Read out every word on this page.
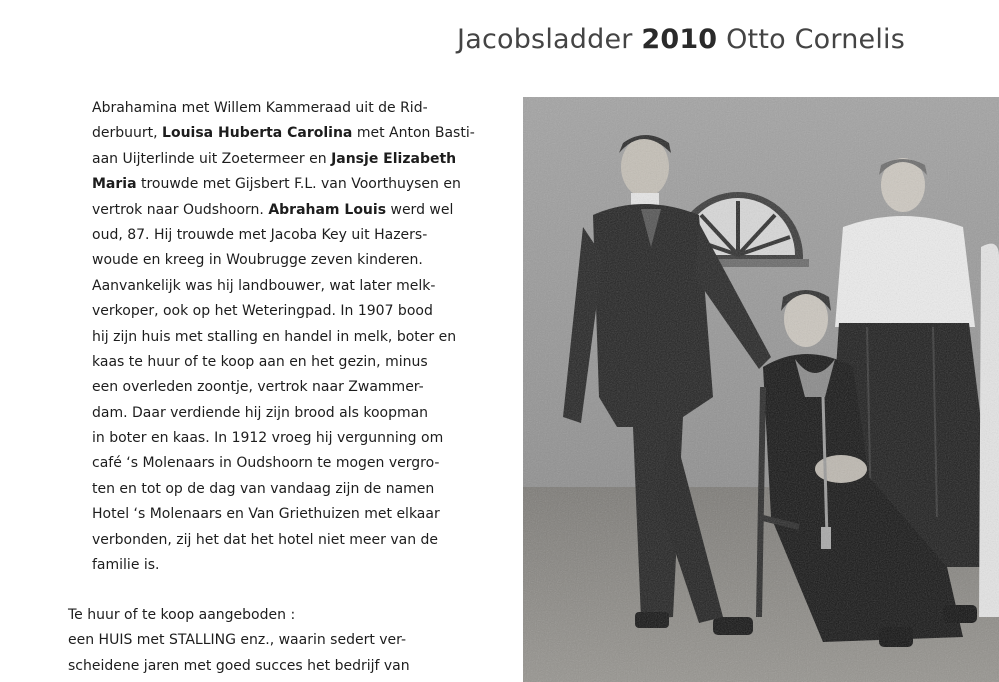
Jacobsladder 2010 Otto Cornelis
Abrahamina met Willem Kammeraad uit de Rid-
derbuurt, Louisa Huberta Carolina met Anton Basti-
aan Uijterlinde uit Zoetermeer en Jansje Elizabeth
Maria trouwde met Gijsbert F.L. van Voorthuysen en
vertrok naar Oudshoorn. Abraham Louis werd wel
oud, 87. Hij trouwde met Jacoba Key uit Hazers-
woude en kreeg in Woubrugge zeven kinderen.
Aanvankelijk was hij landbouwer, wat later melk-
verkoper, ook op het Weteringpad. In 1907 bood
hij zijn huis met stalling en handel in melk, boter en
kaas te huur of te koop aan en het gezin, minus
een overleden zoontje, vertrok naar Zwammer-
dam. Daar verdiende hij zijn brood als koopman
in boter en kaas. In 1912 vroeg hij vergunning om
café ‘s Molenaars in Oudshoorn te mogen vergro-
ten en tot op de dag van vandaag zijn de namen
Hotel ‘s Molenaars en Van Griethuizen met elkaar
verbonden, zij het dat het hotel niet meer van de
familie is.
Te huur of te koop aangeboden :
een HUIS met STALLING enz., waarin sedert ver-
scheidene jaren met goed succes het bedrijf van
